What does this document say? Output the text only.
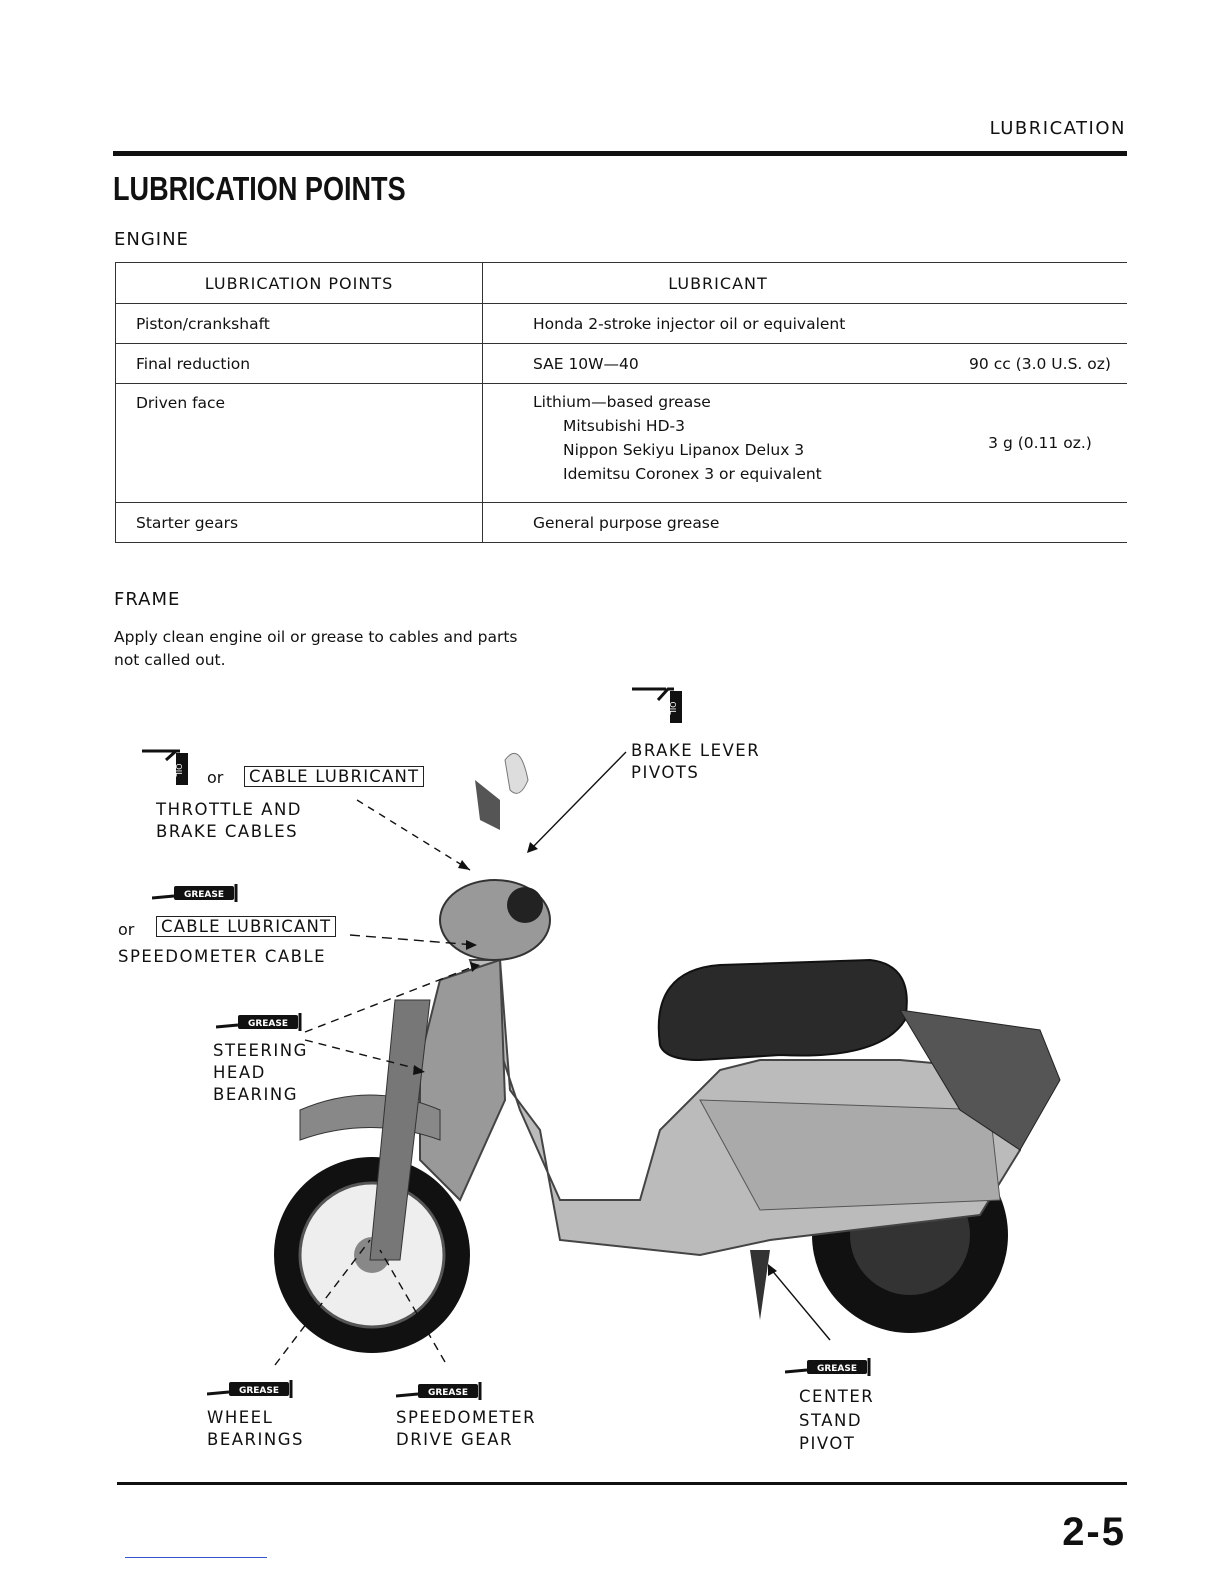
LUBRICATION
LUBRICATION POINTS
ENGINE
LUBRICATION POINTS	LUBRICANT	
Piston/crankshaft	Honda 2-stroke injector oil or equivalent	
Final reduction	SAE 10W—40	90 cc (3.0 U.S. oz)
Driven face	Lithium—based grease
Mitsubishi HD-3
Nippon Sekiyu Lipanox Delux 3
Idemitsu Coronex 3 or equivalent	3 g (0.11 oz.)
Starter gears	General purpose grease	
FRAME
Apply clean engine oil or grease to cables and parts
not called out.
OIL
OIL
GREASE
GREASE
GREASE	GREASE
GREASE
or	CABLE LUBRICANT
THROTTLE AND
BRAKE CABLES
or	CABLE LUBRICANT
SPEEDOMETER CABLE
STEERING
HEAD
BEARING
BRAKE LEVER
PIVOTS
WHEEL
BEARINGS
SPEEDOMETER
DRIVE GEAR
CENTER
STAND
PIVOT
2-5
